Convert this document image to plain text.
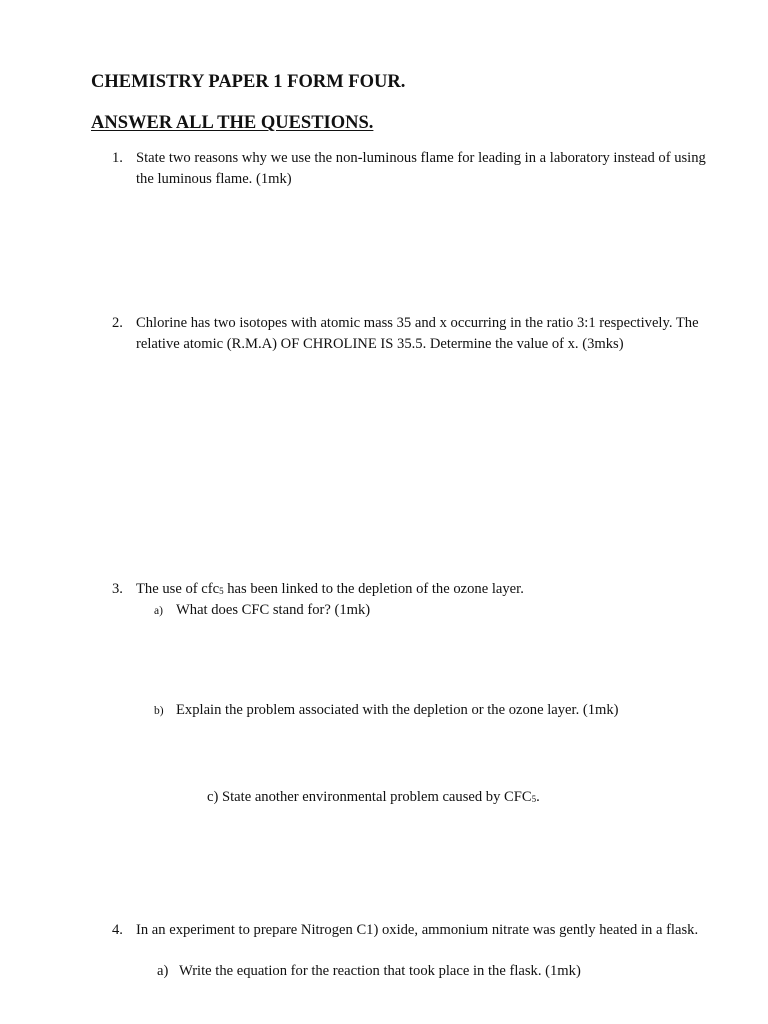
CHEMISTRY PAPER 1 FORM FOUR.
ANSWER ALL THE QUESTIONS.
1. State two reasons why we use the non-luminous flame for leading in a laboratory instead of using the luminous flame. (1mk)
2. Chlorine has two isotopes with atomic mass 35 and x occurring in the ratio 3:1 respectively. The relative atomic (R.M.A) OF CHROLINE IS 35.5. Determine the value of x. (3mks)
3. The use of cfc$_5$ has been linked to the depletion of the ozone layer.
a) What does CFC stand for? (1mk)
b) Explain the problem associated with the depletion or the ozone layer. (1mk)
c) State another environmental problem caused by $CFC_5$.
4. In an experiment to prepare Nitrogen C1) oxide, ammonium nitrate was gently heated in a flask.
a) Write the equation for the reaction that took place in the flask. (1mk)
